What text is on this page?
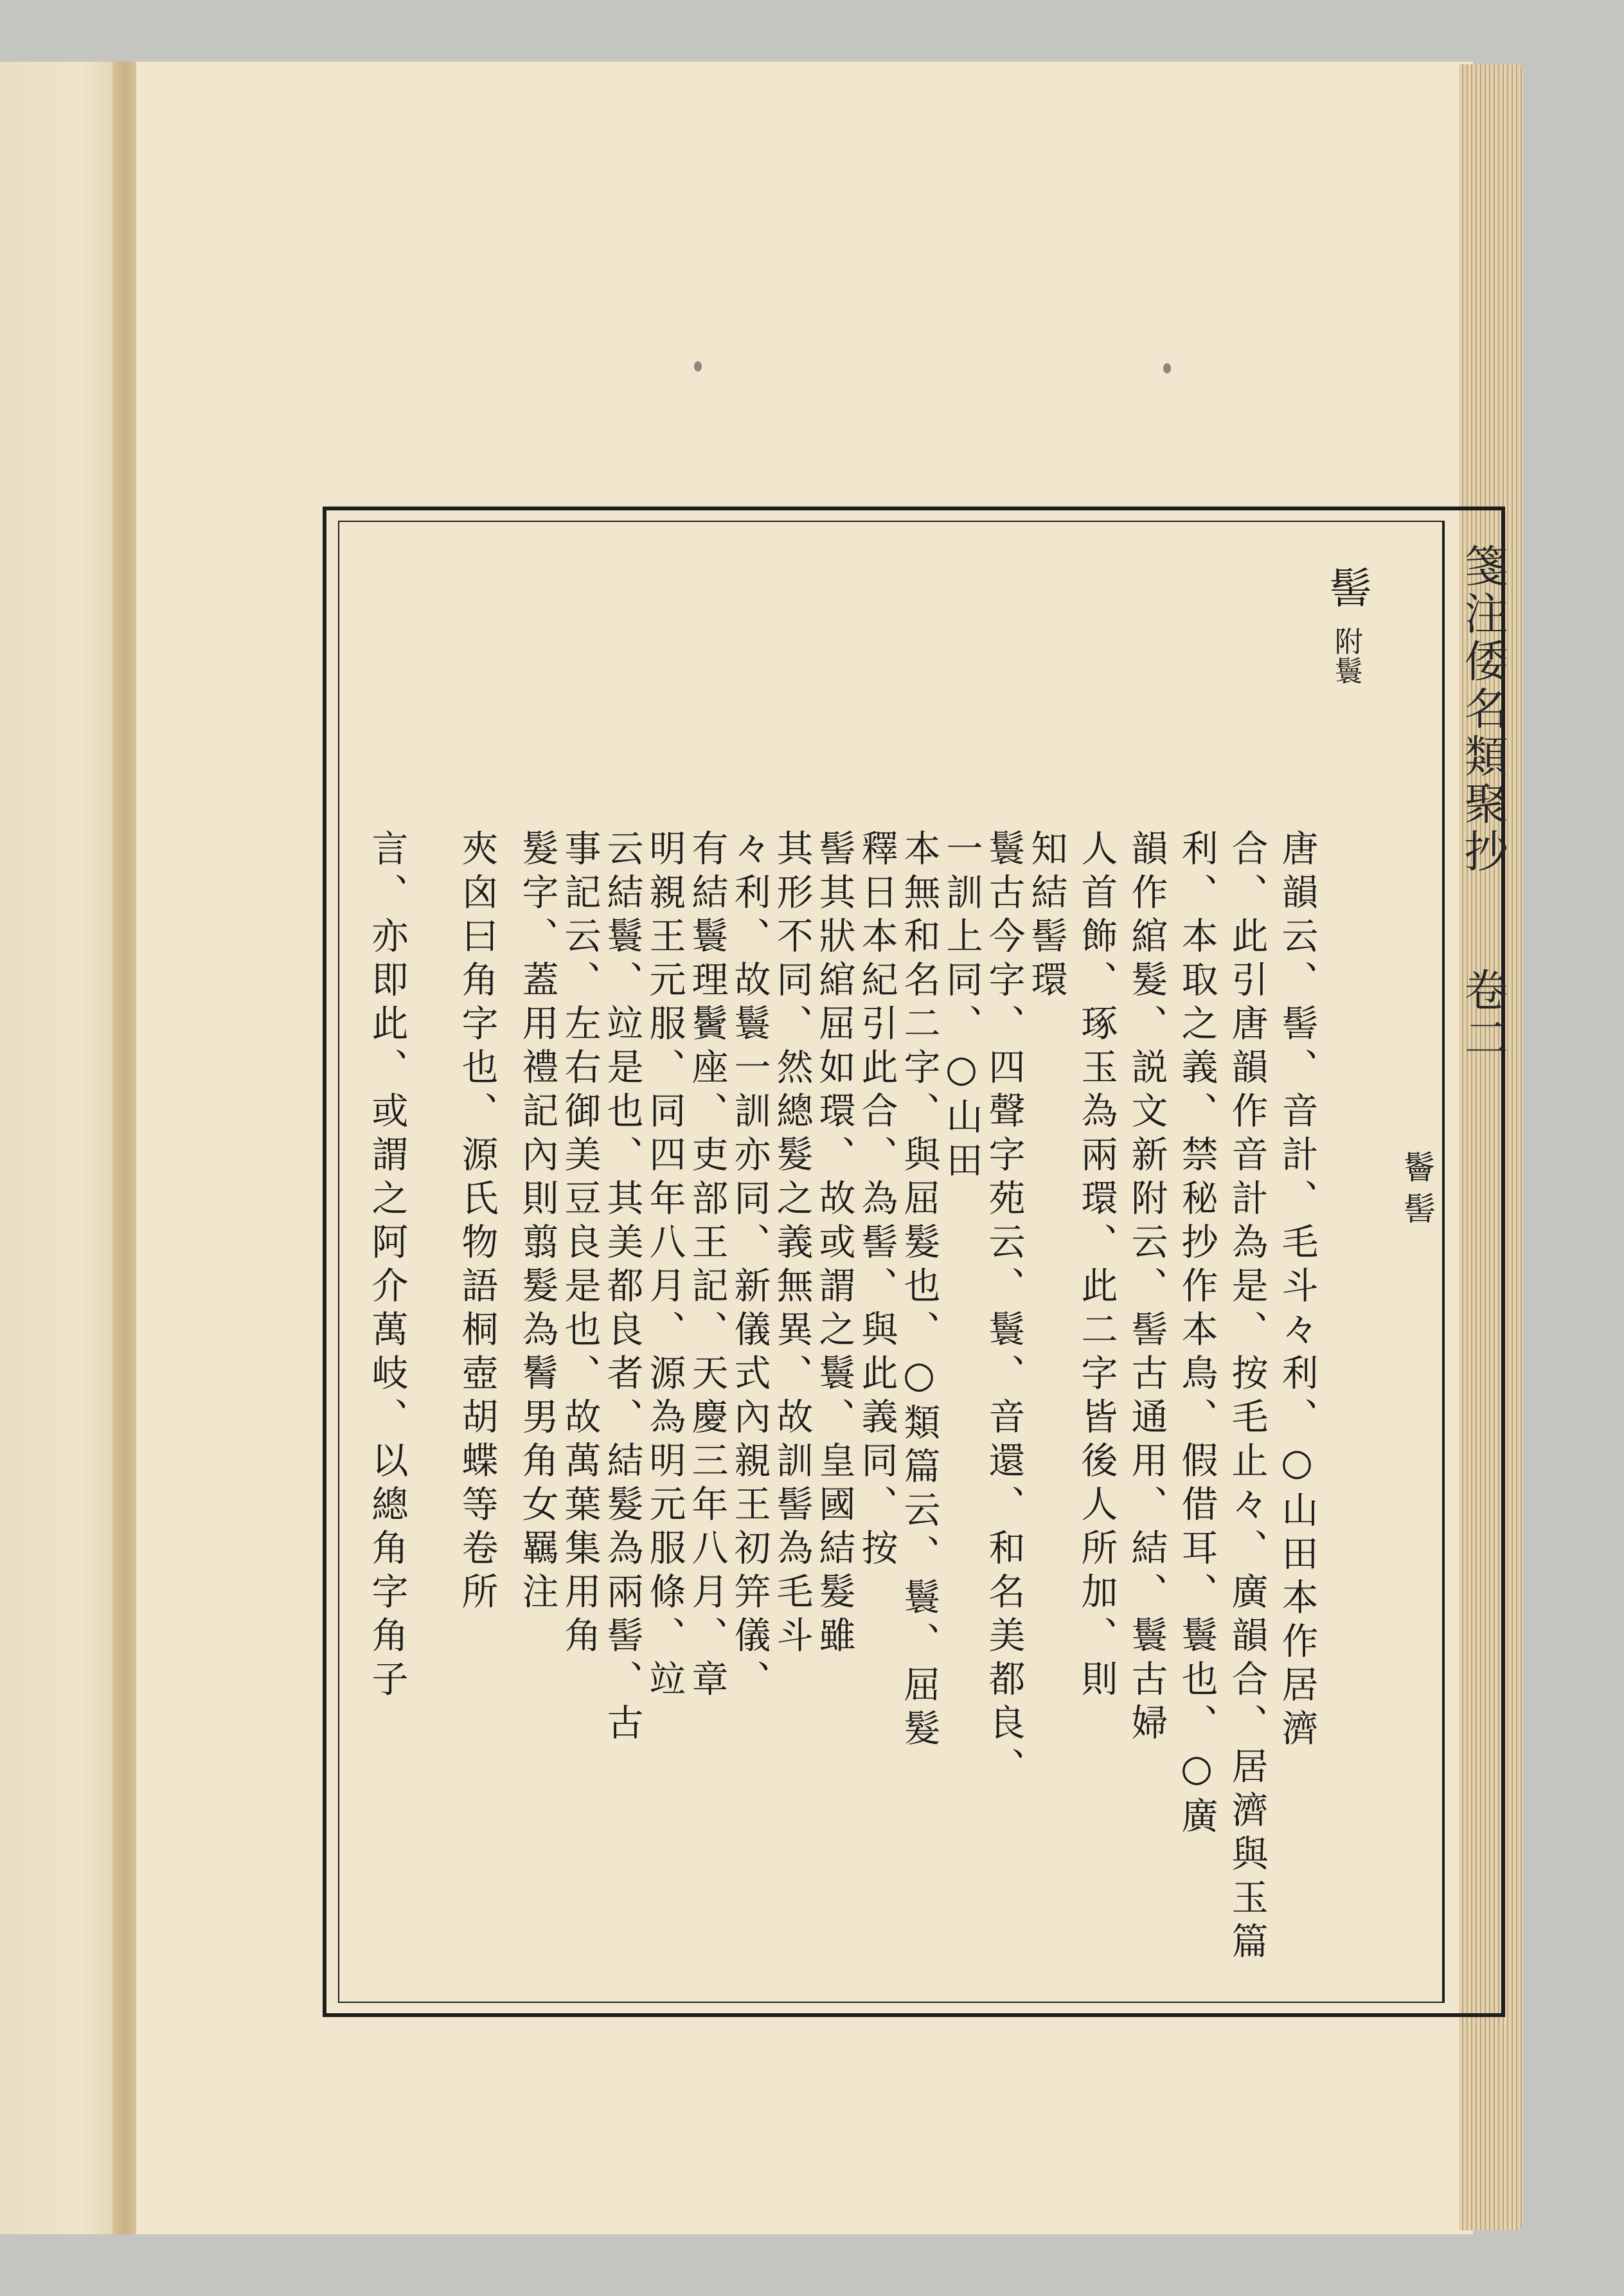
箋注倭名類聚抄
卷二
鬠髻
髻
附鬟
唐韻云、髻、音計、毛斗々利、○山田本作居濟
合、此引唐韻作音計為是、按毛止々、廣韻合、居濟與玉篇
利、本取之義、禁秘抄作本鳥、假借耳、鬟也、○廣
韻作綰髮、説文新附云、髻古通用、結、鬟古婦
人首飾、琢玉為兩環、此二字皆後人所加、則
知結髻環
鬟古今字、四聲字苑云、鬟、音還、和名美都良、
一訓上同、○山田
本無和名二字、與屈髮也、○類篇云、鬟、屈髮
釋日本紀引此合、為髻、與此義同、按
髻其狀綰屈如環、故或謂之鬟、皇國結髮雖
其形不同、然總髮之義無異、故訓髻為毛斗
々利、故鬟一訓亦同、新儀式內親王初笄儀、
有結鬟理鬢座、吏部王記、天慶三年八月、章
明親王元服、同四年八月、源為明元服條、竝
云結鬟、竝是也、其美都良者、結髮為兩髻、古
事記云、左右御美豆良是也、故萬葉集用角
髮字、蓋用禮記內則翦髮為鬌男角女羈注
夾囟曰角字也、源氏物語桐壺胡蝶等卷所
言、亦即此、或謂之阿介萬岐、以總角字角子
